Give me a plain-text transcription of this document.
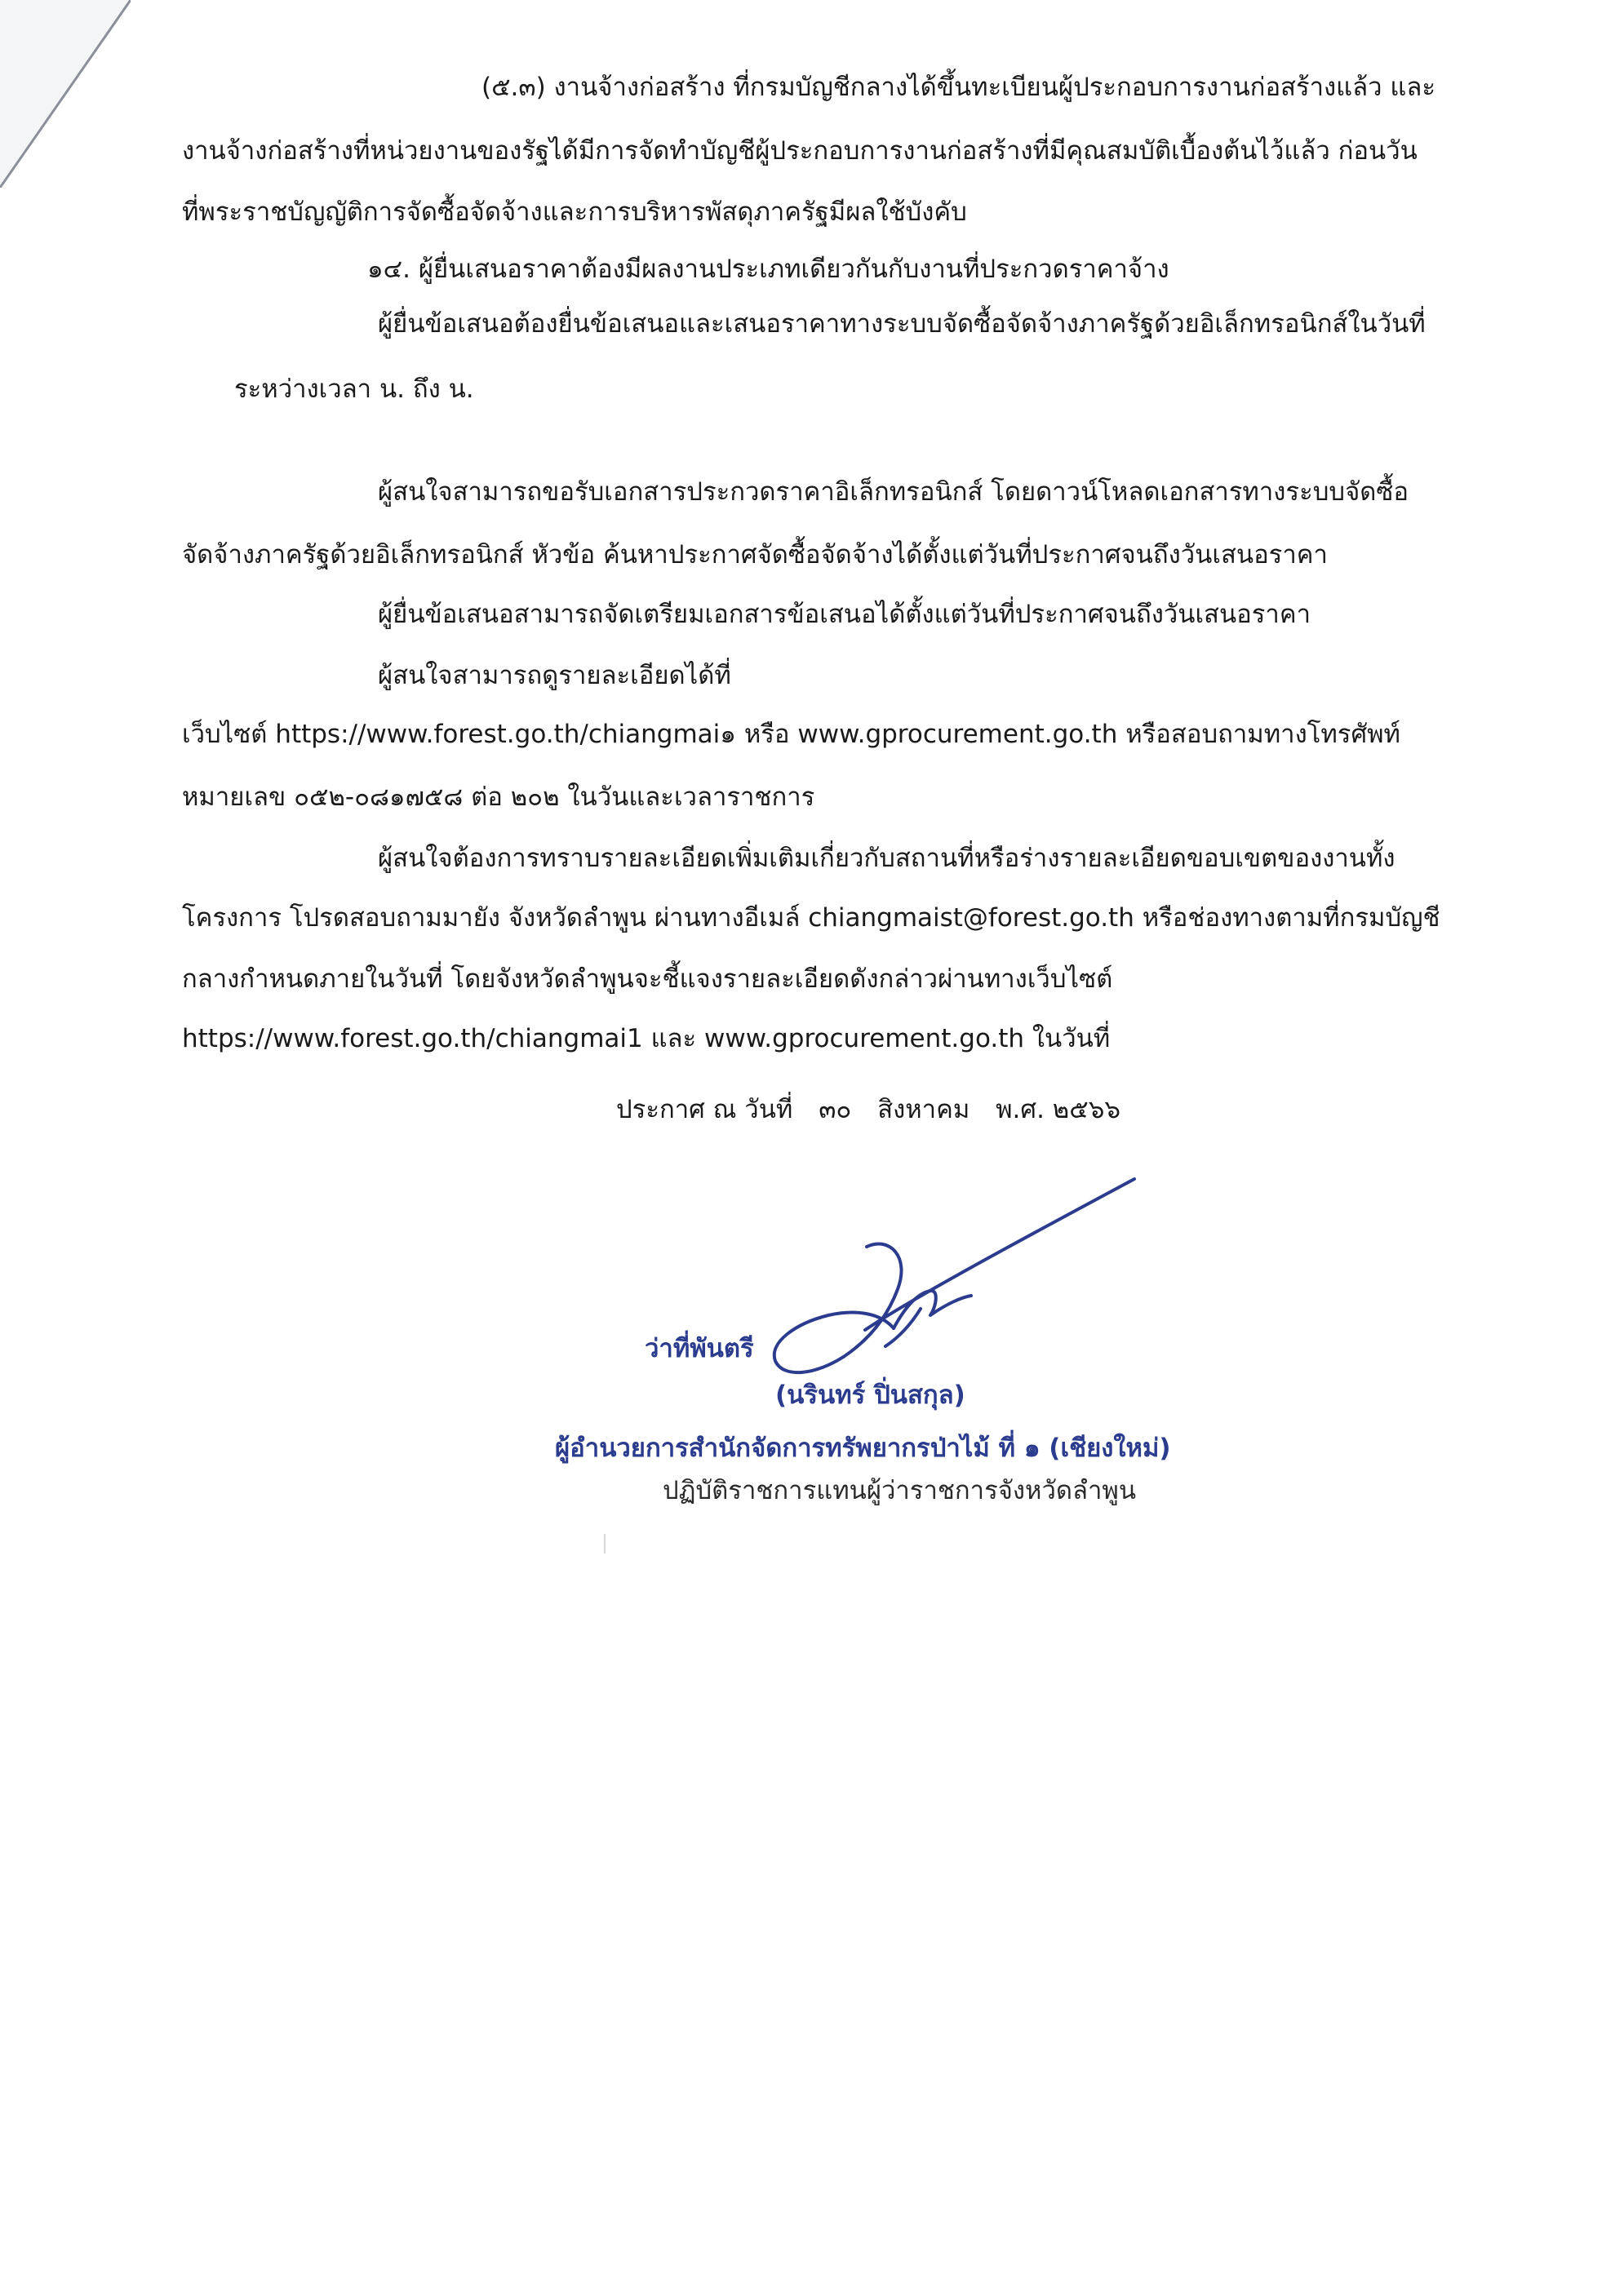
(๕.๓) งานจ้างก่อสร้าง ที่กรมบัญชีกลางได้ขึ้นทะเบียนผู้ประกอบการงานก่อสร้างแล้ว และ
งานจ้างก่อสร้างที่หน่วยงานของรัฐได้มีการจัดทำบัญชีผู้ประกอบการงานก่อสร้างที่มีคุณสมบัติเบื้องต้นไว้แล้ว ก่อนวัน
ที่พระราชบัญญัติการจัดซื้อจัดจ้างและการบริหารพัสดุภาครัฐมีผลใช้บังคับ
๑๔. ผู้ยื่นเสนอราคาต้องมีผลงานประเภทเดียวกันกับงานที่ประกวดราคาจ้าง
ผู้ยื่นข้อเสนอต้องยื่นข้อเสนอและเสนอราคาทางระบบจัดซื้อจัดจ้างภาครัฐด้วยอิเล็กทรอนิกส์ในวันที่
ระหว่างเวลา น. ถึง น.
ผู้สนใจสามารถขอรับเอกสารประกวดราคาอิเล็กทรอนิกส์ โดยดาวน์โหลดเอกสารทางระบบจัดซื้อ
จัดจ้างภาครัฐด้วยอิเล็กทรอนิกส์ หัวข้อ ค้นหาประกาศจัดซื้อจัดจ้างได้ตั้งแต่วันที่ประกาศจนถึงวันเสนอราคา
ผู้ยื่นข้อเสนอสามารถจัดเตรียมเอกสารข้อเสนอได้ตั้งแต่วันที่ประกาศจนถึงวันเสนอราคา
ผู้สนใจสามารถดูรายละเอียดได้ที่
เว็บไซต์ https://www.forest.go.th/chiangmai๑ หรือ www.gprocurement.go.th หรือสอบถามทางโทรศัพท์
หมายเลข ๐๕๒-๐๘๑๗๕๘ ต่อ ๒๐๒ ในวันและเวลาราชการ
ผู้สนใจต้องการทราบรายละเอียดเพิ่มเติมเกี่ยวกับสถานที่หรือร่างรายละเอียดขอบเขตของงานทั้ง
โครงการ โปรดสอบถามมายัง จังหวัดลำพูน ผ่านทางอีเมล์ chiangmaist@forest.go.th หรือช่องทางตามที่กรมบัญชี
กลางกำหนดภายในวันที่ โดยจังหวัดลำพูนจะชี้แจงรายละเอียดดังกล่าวผ่านทางเว็บไซต์
https://www.forest.go.th/chiangmai1 และ www.gprocurement.go.th ในวันที่
ประกาศ ณ วันที่ ๓๐ สิงหาคม พ.ศ. ๒๕๖๖
ว่าที่พันตรี
(นรินทร์ ปิ่นสกุล)
ผู้อำนวยการสำนักจัดการทรัพยากรป่าไม้ ที่ ๑ (เชียงใหม่)
ปฏิบัติราชการแทนผู้ว่าราชการจังหวัดลำพูน
